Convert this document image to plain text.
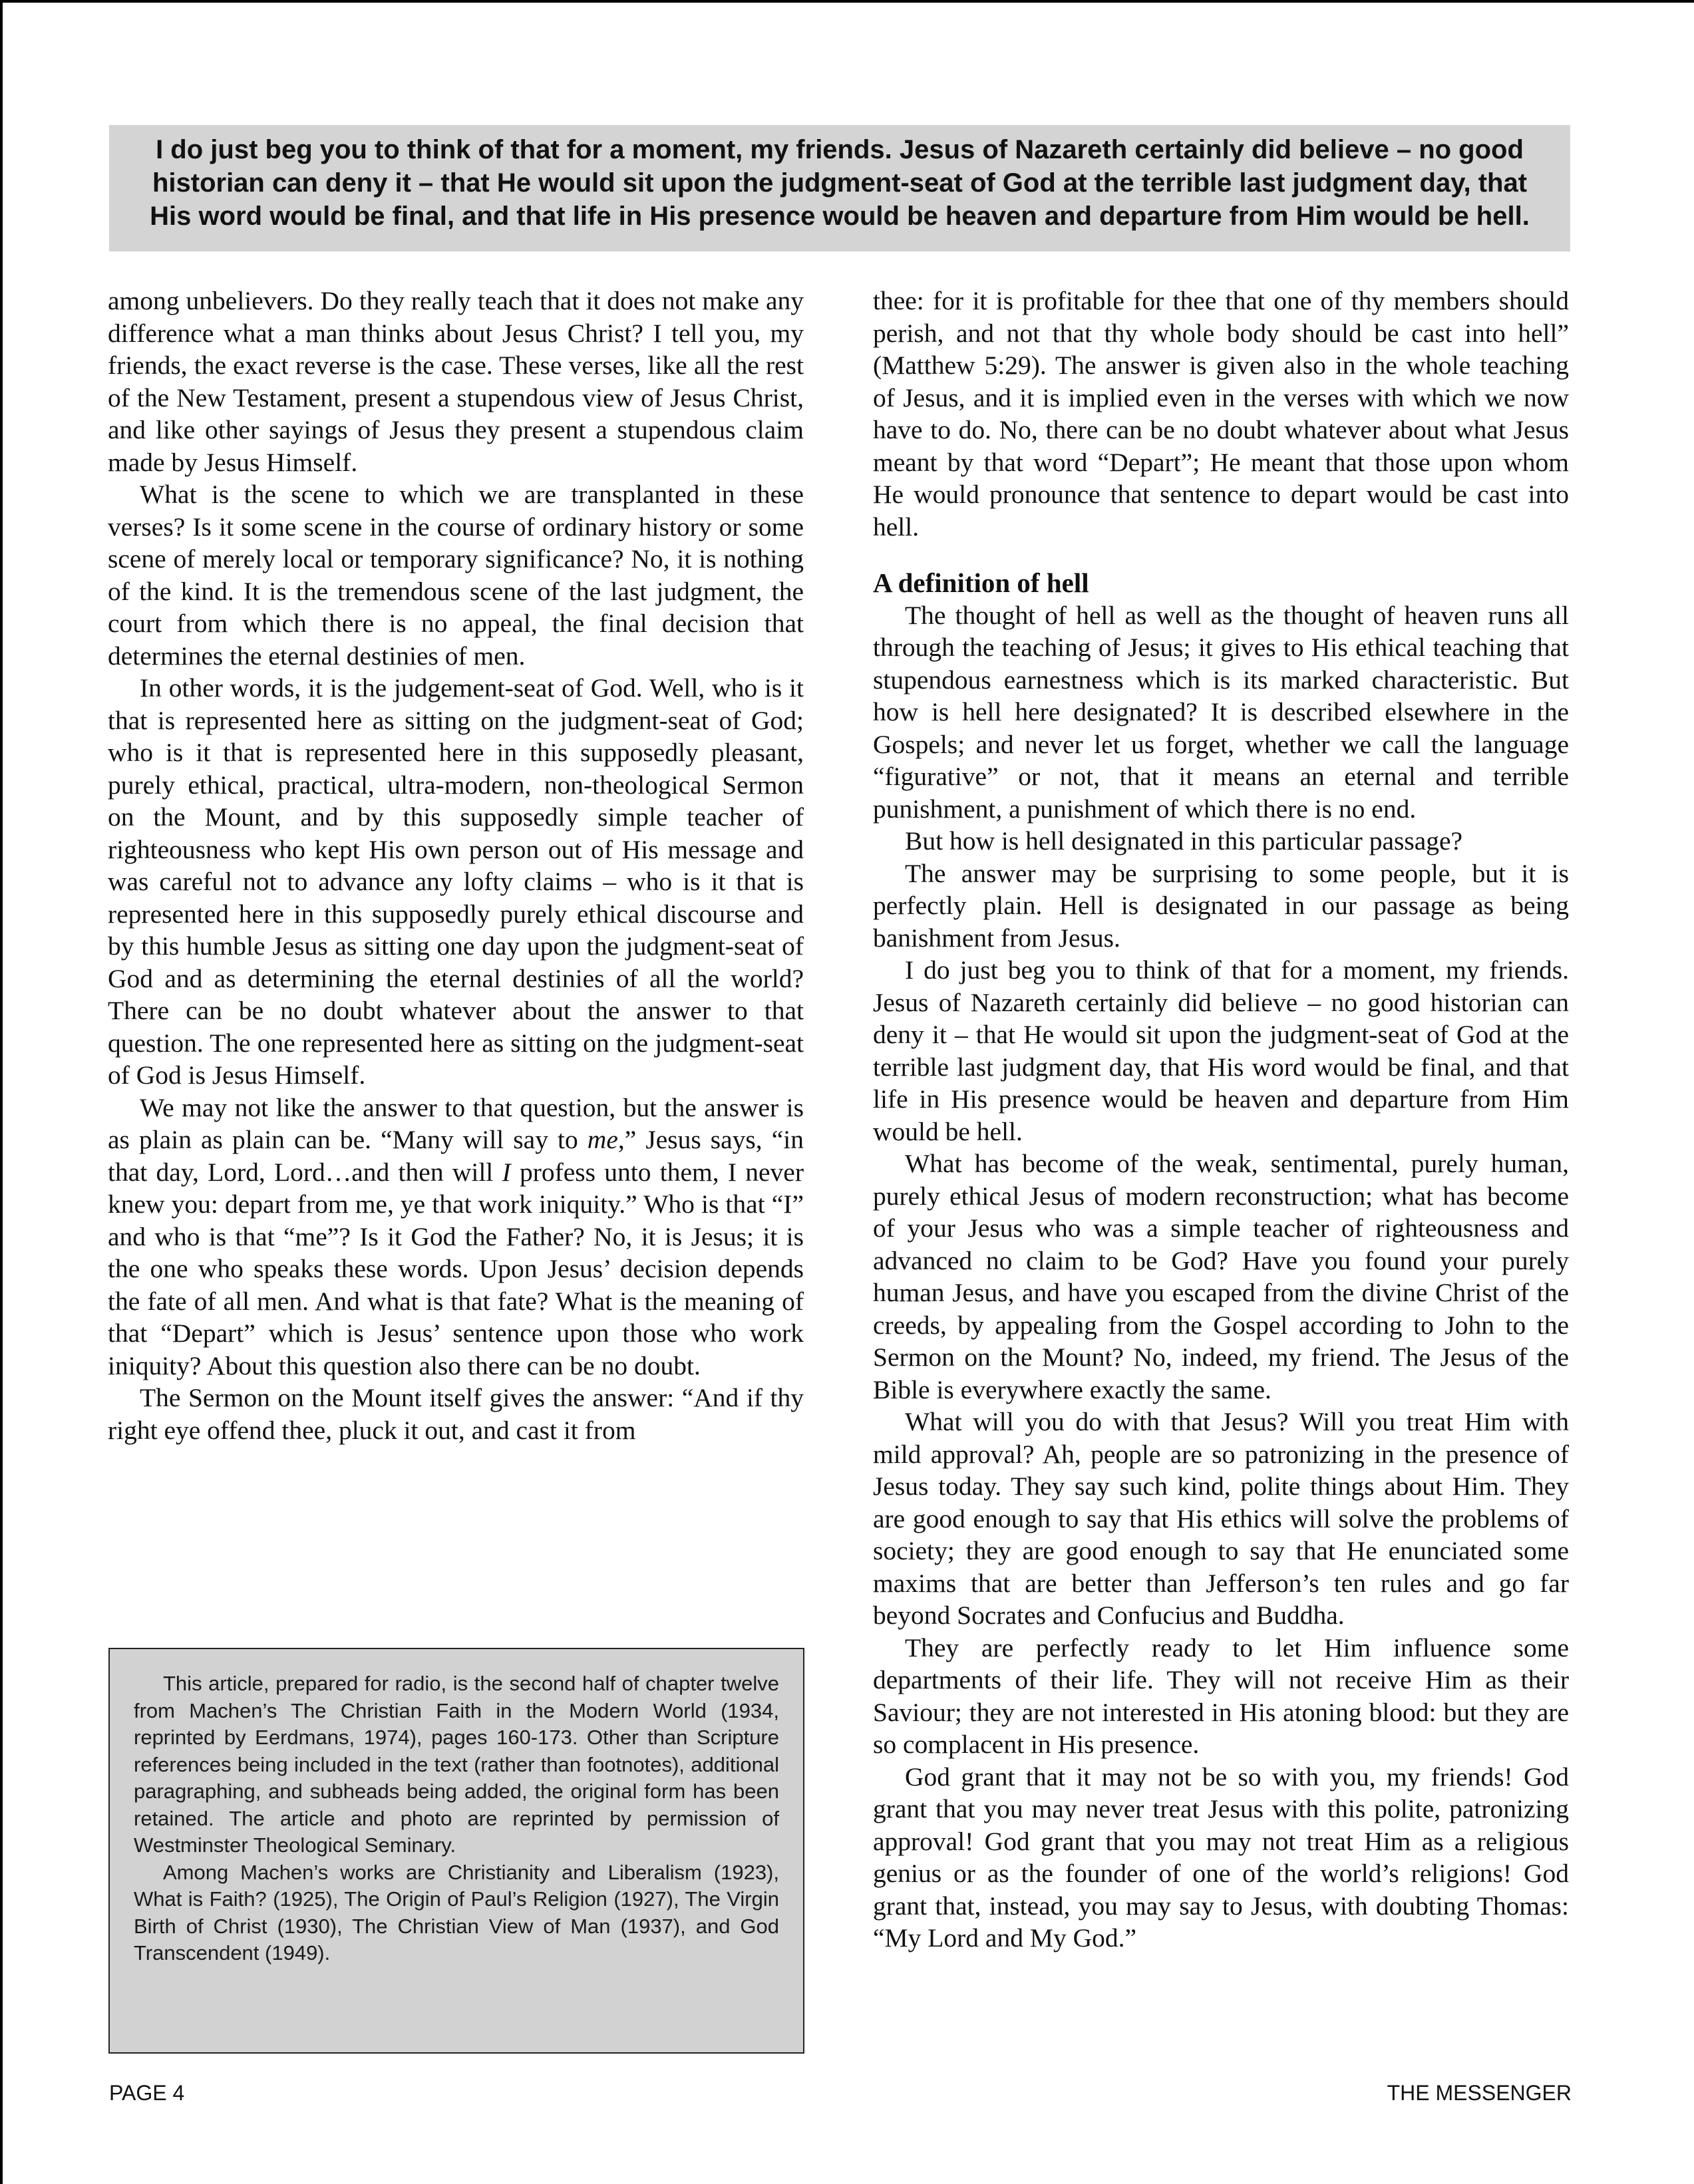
I do just beg you to think of that for a moment, my friends. Jesus of Nazareth certainly did believe – no good historian can deny it – that He would sit upon the judgment-seat of God at the terrible last judgment day, that His word would be final, and that life in His presence would be heaven and departure from Him would be hell.

among unbelievers. Do they really teach that it does not make any difference what a man thinks about Jesus Christ? I tell you, my friends, the exact reverse is the case. These verses, like all the rest of the New Testament, present a stupendous view of Jesus Christ, and like other sayings of Jesus they present a stupendous claim made by Jesus Himself.

What is the scene to which we are transplanted in these verses? Is it some scene in the course of ordinary history or some scene of merely local or temporary significance? No, it is nothing of the kind. It is the tremendous scene of the last judgment, the court from which there is no appeal, the final decision that determines the eternal destinies of men.

In other words, it is the judgement-seat of God. Well, who is it that is represented here as sitting on the judgment-seat of God; who is it that is represented here in this supposedly pleasant, purely ethical, practical, ultra-modern, non-theological Sermon on the Mount, and by this supposedly simple teacher of righteousness who kept His own person out of His message and was careful not to advance any lofty claims – who is it that is represented here in this supposedly purely ethical discourse and by this humble Jesus as sitting one day upon the judgment-seat of God and as determining the eternal destinies of all the world? There can be no doubt whatever about the answer to that question. The one represented here as sitting on the judgment-seat of God is Jesus Himself.

We may not like the answer to that question, but the answer is as plain as plain can be. “Many will say to me,” Jesus says, “in that day, Lord, Lord…and then will I profess unto them, I never knew you: depart from me, ye that work iniquity.” Who is that “I” and who is that “me”? Is it God the Father? No, it is Jesus; it is the one who speaks these words. Upon Jesus’ decision depends the fate of all men. And what is that fate? What is the meaning of that “Depart” which is Jesus’ sentence upon those who work iniquity? About this question also there can be no doubt.

The Sermon on the Mount itself gives the answer: “And if thy right eye offend thee, pluck it out, and cast it from

This article, prepared for radio, is the second half of chapter twelve from Machen’s The Christian Faith in the Modern World (1934, reprinted by Eerdmans, 1974), pages 160-173. Other than Scripture references being included in the text (rather than footnotes), additional paragraphing, and subheads being added, the original form has been retained. The article and photo are reprinted by permission of Westminster Theological Seminary.

Among Machen’s works are Christianity and Liberalism (1923), What is Faith? (1925), The Origin of Paul’s Religion (1927), The Virgin Birth of Christ (1930), The Christian View of Man (1937), and God Transcendent (1949).

thee: for it is profitable for thee that one of thy members should perish, and not that thy whole body should be cast into hell” (Matthew 5:29). The answer is given also in the whole teaching of Jesus, and it is implied even in the verses with which we now have to do. No, there can be no doubt whatever about what Jesus meant by that word “Depart”; He meant that those upon whom He would pronounce that sentence to depart would be cast into hell.

A definition of hell

The thought of hell as well as the thought of heaven runs all through the teaching of Jesus; it gives to His ethical teaching that stupendous earnestness which is its marked characteristic. But how is hell here designated? It is described elsewhere in the Gospels; and never let us forget, whether we call the language “figurative” or not, that it means an eternal and terrible punishment, a punishment of which there is no end.

But how is hell designated in this particular passage?

The answer may be surprising to some people, but it is perfectly plain. Hell is designated in our passage as being banishment from Jesus.

I do just beg you to think of that for a moment, my friends. Jesus of Nazareth certainly did believe – no good historian can deny it – that He would sit upon the judgment-seat of God at the terrible last judgment day, that His word would be final, and that life in His presence would be heaven and departure from Him would be hell.

What has become of the weak, sentimental, purely human, purely ethical Jesus of modern reconstruction; what has become of your Jesus who was a simple teacher of righteousness and advanced no claim to be God? Have you found your purely human Jesus, and have you escaped from the divine Christ of the creeds, by appealing from the Gospel according to John to the Sermon on the Mount? No, indeed, my friend. The Jesus of the Bible is everywhere exactly the same.

What will you do with that Jesus? Will you treat Him with mild approval? Ah, people are so patronizing in the presence of Jesus today. They say such kind, polite things about Him. They are good enough to say that His ethics will solve the problems of society; they are good enough to say that He enunciated some maxims that are better than Jefferson’s ten rules and go far beyond Socrates and Confucius and Buddha.

They are perfectly ready to let Him influence some departments of their life. They will not receive Him as their Saviour; they are not interested in His atoning blood: but they are so complacent in His presence.

God grant that it may not be so with you, my friends! God grant that you may never treat Jesus with this polite, patronizing approval! God grant that you may not treat Him as a religious genius or as the founder of one of the world’s religions! God grant that, instead, you may say to Jesus, with doubting Thomas: “My Lord and My God.”

PAGE 4	THE MESSENGER
